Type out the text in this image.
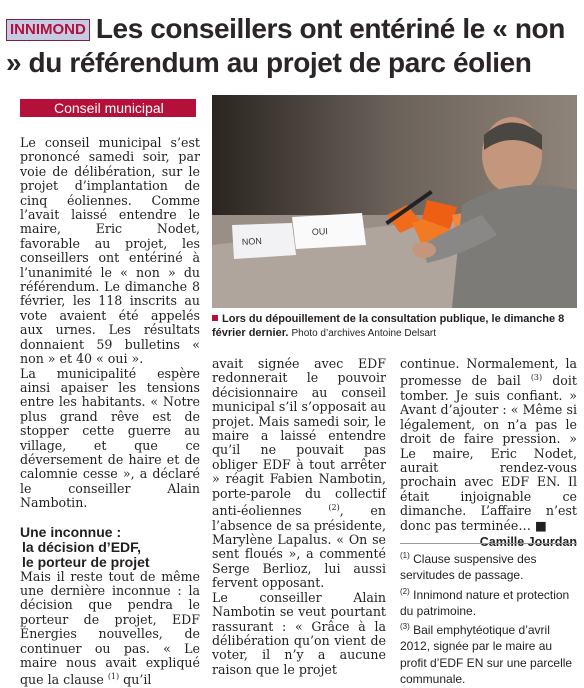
INNIMOND Les conseillers ont entériné le « non » du référendum au projet de parc éolien
Conseil municipal
NON
OUI
Lors du dépouillement de la consultation publique, le dimanche 8 février dernier. Photo d’archives Antoine Delsart

Le conseil municipal s’est prononcé samedi soir, par voie de délibération, sur le projet d’implantation de cinq éoliennes. Comme l’avait laissé entendre le maire, Eric Nodet, favorable au projet, les conseillers ont entériné à l’unanimité le « non » du référendum. Le dimanche 8 février, les 118 inscrits au vote avaient été appelés aux urnes. Les résultats donnaient 59 bulletins « non » et 40 « oui ».

La municipalité espère ainsi apaiser les tensions entre les habitants. « Notre plus grand rêve est de stopper cette guerre au village, et que ce déversement de haire et de calomnie cesse », a déclaré le conseiller Alain Nambotin.

Une inconnue :
la décision d’EDF,
le porteur de projet

Mais il reste tout de même une dernière inconnue : la décision que pendra le porteur de projet, EDF Énergies nouvelles, de continuer ou pas. « Le maire nous avait expliqué que la clause $^{(1)}$ qu’il

avait signée avec EDF redonnerait le pouvoir décisionnaire au conseil municipal s’il s’opposait au projet. Mais samedi soir, le maire a laissé entendre qu’il ne pouvait pas obliger EDF à tout arrêter » réagit Fabien Nambotin, porte-parole du collectif anti-éoliennes	$^{(2)}$, en l’absence de sa présidente, Marylène Lapalus. « On se sent floués », a commenté Serge Berlioz, lui aussi fervent opposant.

Le conseiller Alain Nambotin se veut pourtant rassurant : « Grâce à la délibération qu’on vient de voter, il n’y a aucune raison que le projet

continue. Normalement, la promesse de bail $^{(3)}$ doit tomber. Je suis confiant. » Avant d’ajouter : « Même si légalement, on n’a pas le droit de faire pression. » Le maire, Eric Nodet, aurait rendez-vous prochain avec EDF EN. Il était injoignable ce dimanche. L’affaire n’est donc pas terminée… ■

$^{(1)}$ Clause suspensive des servitudes de passage.
$^{(2)}$ Innimond nature et protection du patrimoine.
$^{(3)}$ Bail emphytéotique d’avril 2012, signée par le maire au profit d’EDF EN sur une parcelle communale.
